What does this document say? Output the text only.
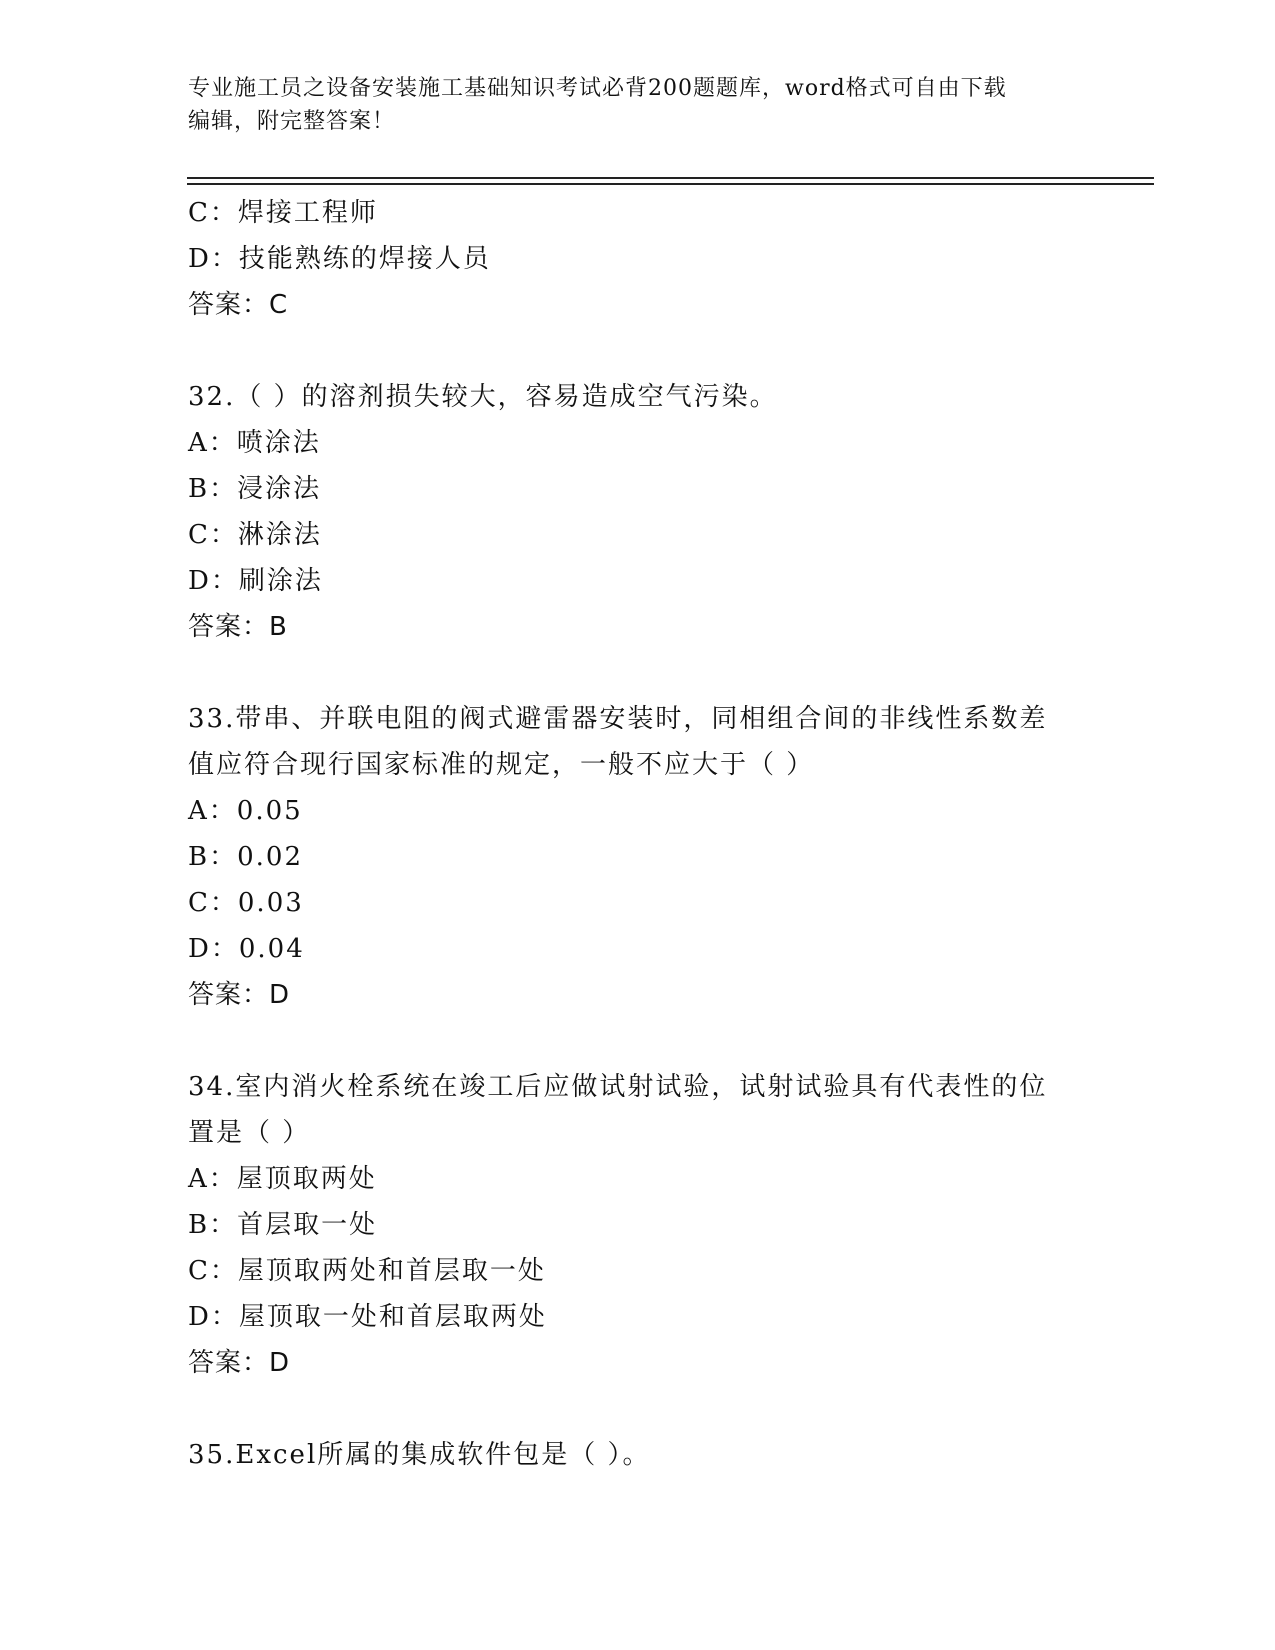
专业施工员之设备安装施工基础知识考试必背200题题库，word格式可自由下载
编辑，附完整答案！
C：焊接工程师
D：技能熟练的焊接人员
答案：C
32.（ ）的溶剂损失较大，容易造成空气污染。
A：喷涂法
B：浸涂法
C：淋涂法
D：刷涂法
答案：B
33.带串、并联电阻的阀式避雷器安装时，同相组合间的非线性系数差
值应符合现行国家标准的规定，一般不应大于（ ）
A：0.05
B：0.02
C：0.03
D：0.04
答案：D
34.室内消火栓系统在竣工后应做试射试验，试射试验具有代表性的位
置是（ ）
A：屋顶取两处
B：首层取一处
C：屋顶取两处和首层取一处
D：屋顶取一处和首层取两处
答案：D
35.Excel所属的集成软件包是（ ）。
